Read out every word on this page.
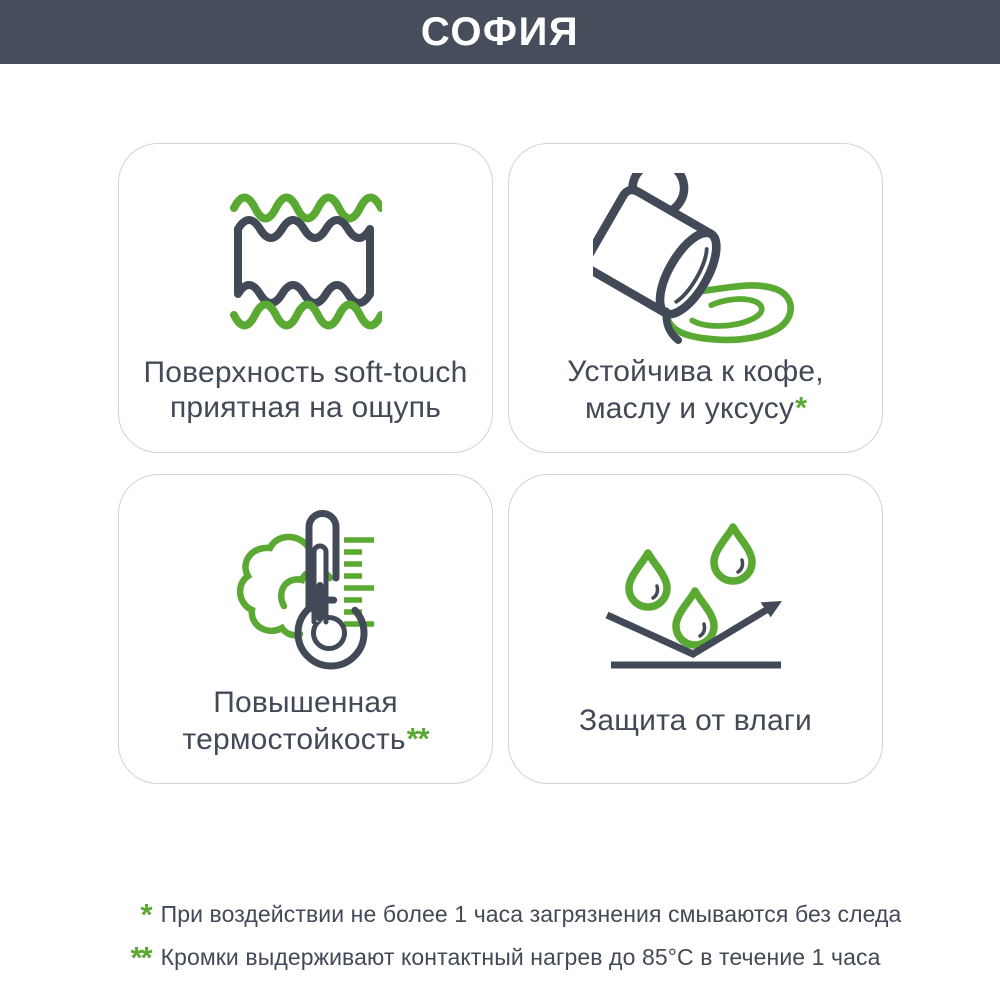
СОФИЯ
Поверхность soft-touch
приятная на ощупь
Устойчива к кофе,
маслу и уксусу*
Повышенная
термостойкость**
Защита от влаги
* При воздействии не более 1 часа загрязнения смываются без следа
** Кромки выдерживают контактный нагрев до 85°С в течение 1 часа
